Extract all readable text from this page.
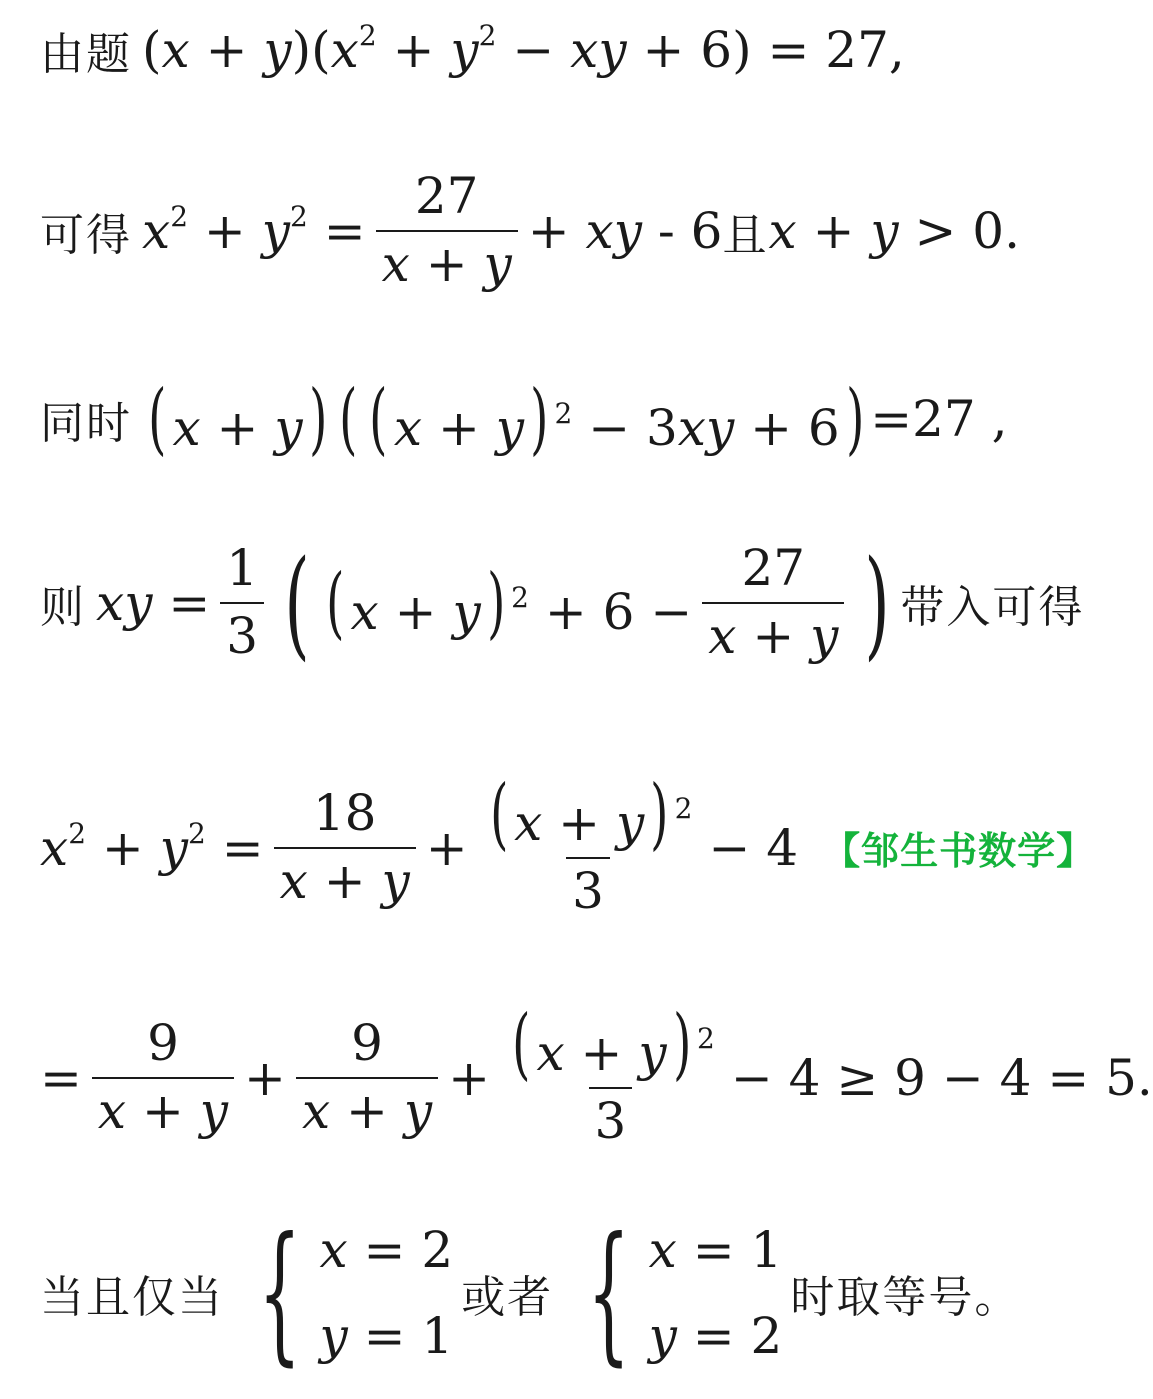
由题 $(x + y)(x^2 + y^2$ − xy + 6) = 27,
可得 $x^2 + y^2 = \frac{27}{x + y}$ + xy - 6 且 x + y > 0.
同时 ( x + y) ( ( x + y) $^2$ − 3xy + 6) =27 ,
则 xy = $\frac{1}{3}$ ( ( x + y) $^2 + 6 - \frac{27}{x + y}$ ) 带入可得
$x^2 + y^2 = \frac{18}{x + y} + \frac{( x + y) ^2}{3} - 4$ 【邹生书数学】
= $\frac{9}{x + y} + \frac{9}{x + y} + \frac{( x + y) ^2}{3} - 4 \ge 9 - 4 = 5$.
当且仅当 { x = 2
y = 1
或者 { x = 1
y = 2
时取等号。
